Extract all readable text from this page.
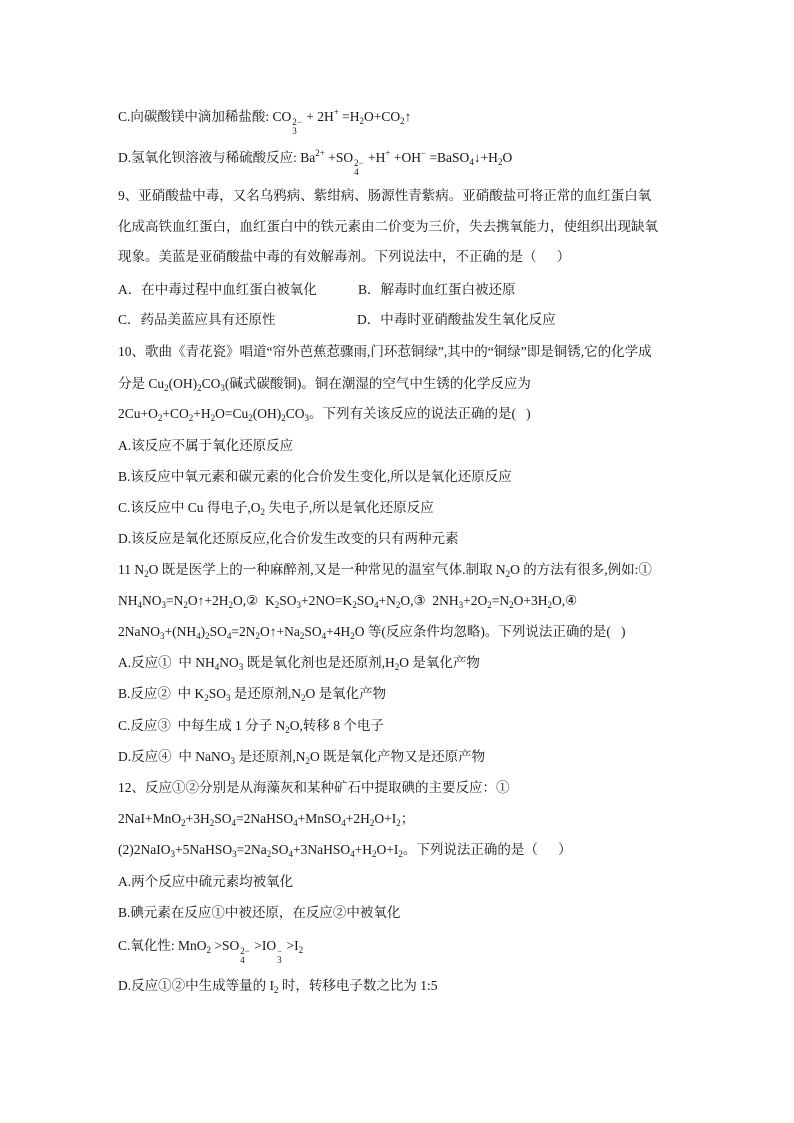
C.向碳酸镁中滴加稀盐酸: CO 2−
3
+ $2H^+ =H_2O+CO_2↑$
D.氢氧化钡溶液与稀硫酸反应: $Ba^{2+} +SO$ 2−
4
$+H^+ +OH^- =BaSO_4↓+H_2O$
9、亚硝酸盐中毒，又名乌鸦病、紫绀病、肠源性青紫病。亚硝酸盐可将正常的血红蛋白氧
化成高铁血红蛋白，血红蛋白中的铁元素由二价变为三价，失去携氧能力，使组织出现缺氧
现象。美蓝是亚硝酸盐中毒的有效解毒剂。下列说法中，不正确的是（      ）
A．在中毒过程中血红蛋白被氧化	B．解毒时血红蛋白被还原
C．药品美蓝应具有还原性	D．中毒时亚硝酸盐发生氧化反应
10、歌曲《青花瓷》唱道“帘外芭蕉惹骤雨,门环惹铜绿”,其中的“铜绿”即是铜锈,它的化学成
分是 $Cu_2(OH)_2CO_3$(碱式碳酸铜)。铜在潮湿的空气中生锈的化学反应为
$2Cu+O_2+CO_2+H_2O=Cu_2(OH)_2CO_3$。下列有关该反应的说法正确的是(   )
A.该反应不属于氧化还原反应
B.该反应中氧元素和碳元素的化合价发生变化,所以是氧化还原反应
C.该反应中 Cu 得电子$,O_2$ 失电子,所以是氧化还原反应
D.该反应是氧化还原反应,化合价发生改变的只有两种元素
11 $N_2O$ 既是医学上的一种麻醉剂,又是一种常见的温室气体.制取 $N_2O$ 的方法有很多,例如:①
$NH_4NO_3=N_2O↑+2H_2O,②$  $K_2SO_3+2NO=K_2SO_4+N_2O,③$  $2NH_3+2O_2=N_2O+3H_2O,④$
$2NaNO_3+(NH_4)_2SO_4=2N_2O↑+Na_2SO_4+4H_2O$ 等(反应条件均忽略)。下列说法正确的是(   )
A.反应①  中 $NH_4NO_3$ 既是氧化剂也是还原剂$,H_2O$ 是氧化产物
B.反应②  中 $K_2SO_3$ 是还原剂$,N_2O$ 是氧化产物
C.反应③  中每生成 1 分子 $N_2O$,转移 8 个电子
D.反应④  中 NaNO$_3$ 是还原剂$,N_2O$ 既是氧化产物又是还原产物
12、反应①②分别是从海藻灰和某种矿石中提取碘的主要反应：①
$2NaI+MnO_2+3H_2SO_4=2NaHSO_4+MnSO_4+2H_2O+I_2$；
$(2)2NaIO_3+5NaHSO_3=2Na_2SO_4+3NaHSO_4+H_2O+I_2$。下列说法正确的是（      ）
A.两个反应中硫元素均被氧化
B.碘元素在反应①中被还原，在反应②中被氧化
C.氧化性: MnO$_2$ >SO 2−
4
>IO −
3
$>I_2$
D.反应①②中生成等量的 $I_2$ 时，转移电子数之比为 1:5
